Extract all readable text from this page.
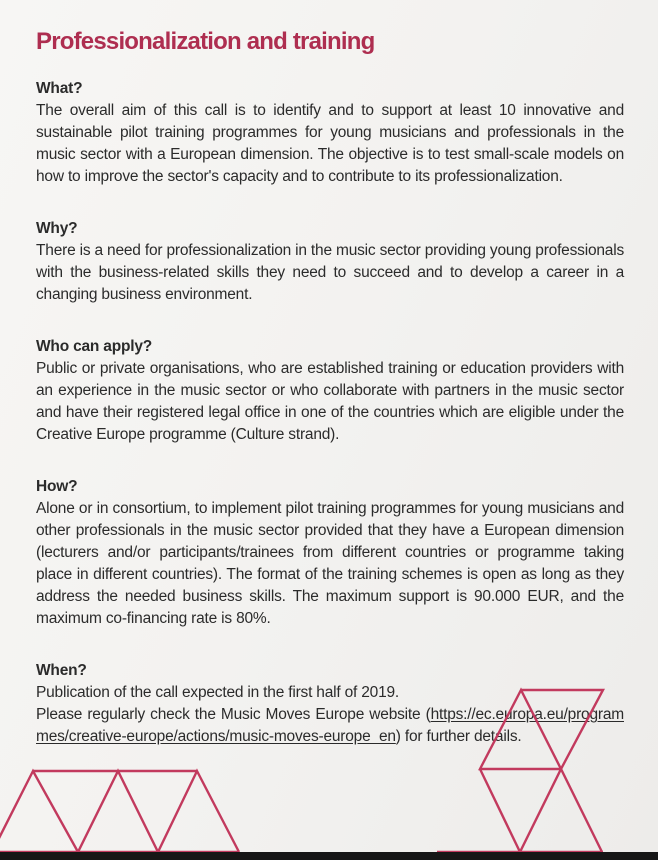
Professionalization and training
What?

The overall aim of this call is to identify and to support at least 10 innovative and sustainable pilot training programmes for young musicians and professionals in the music sector with a European dimension. The objective is to test small-scale models on how to improve the sector's capacity and to contribute to its professionalization.

Why?

There is a need for professionalization in the music sector providing young professionals with the business-related skills they need to succeed and to develop a career in a changing business environment.

Who can apply?

Public or private organisations, who are established training or education providers with an experience in the music sector or who collaborate with partners in the music sector and have their registered legal office in one of the countries which are eligible under the Creative Europe programme (Culture strand).

How?

Alone or in consortium, to implement pilot training programmes for young musicians and other professionals in the music sector provided that they have a European dimension (lecturers and/or participants/trainees from different countries or programme taking place in different countries). The format of the training schemes is open as long as they address the needed business skills. The maximum support is 90.000 EUR, and the maximum co-financing rate is 80%.

When?

Publication of the call expected in the first half of 2019.

Please regularly check the Music Moves Europe website (https://ec.europa.eu/programmes/creative-europe/actions/music-moves-europe_en) for further details.
